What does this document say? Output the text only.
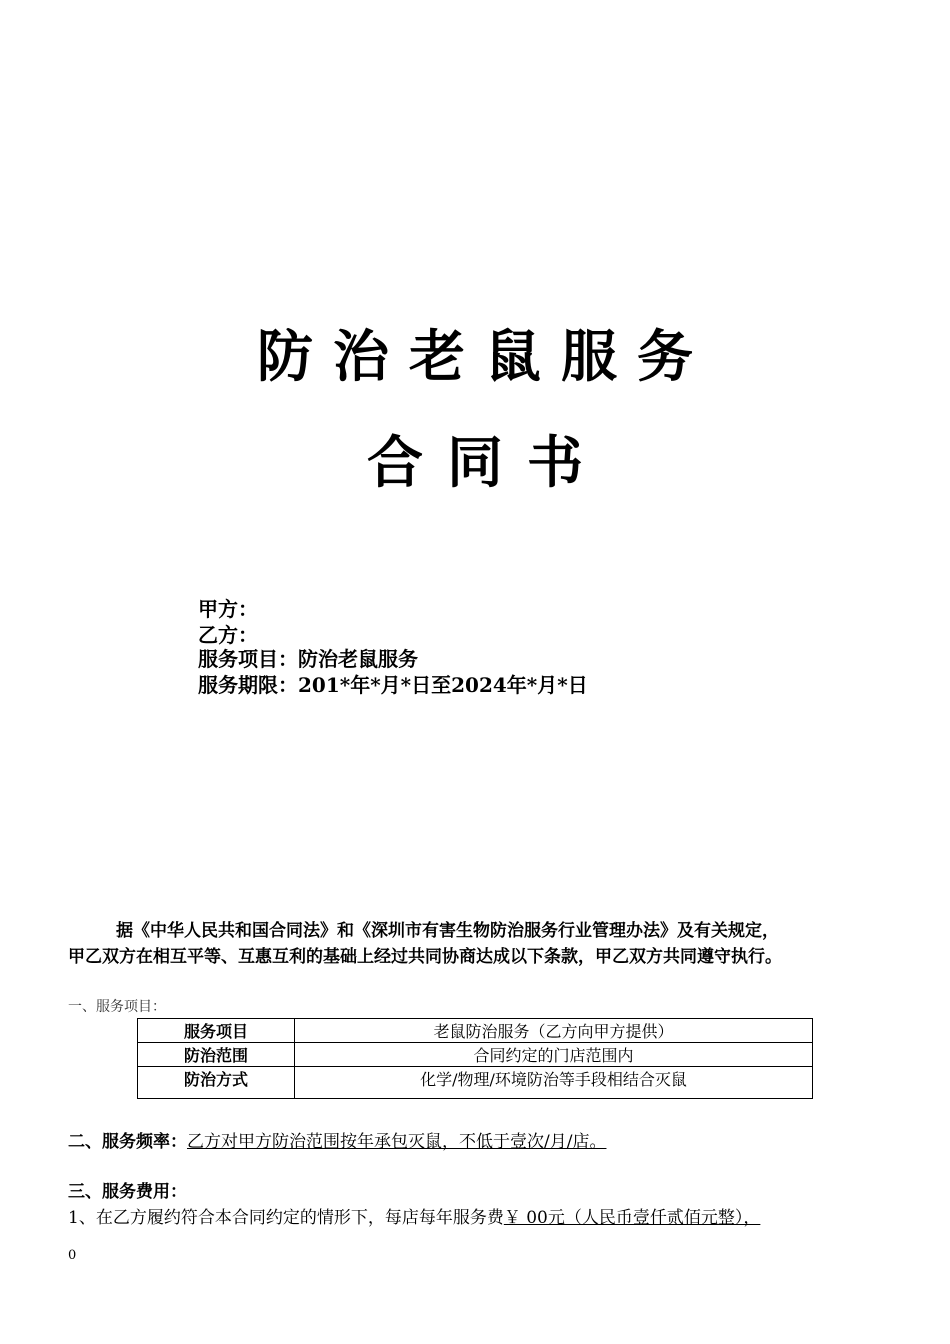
防治老鼠服务
合同书
甲方：
乙方：
服务项目：防治老鼠服务
服务期限：201*年*月*日至2024年*月*日
据《中华人民共和国合同法》和《深圳市有害生物防治服务行业管理办法》及有关规定，
甲乙双方在相互平等、互惠互利的基础上经过共同协商达成以下条款，甲乙双方共同遵守执行。
一、服务项目：
服务项目	老鼠防治服务（乙方向甲方提供）
防治范围	合同约定的门店范围内
防治方式	化学/物理/环境防治等手段相结合灭鼠
二、服务频率：乙方对甲方防治范围按年承包灭鼠，不低于壹次/月/店。
三、服务费用：
1、在乙方履约符合本合同约定的情形下，每店每年服务费￥ 00元（人民币壹仟贰佰元整），
0
